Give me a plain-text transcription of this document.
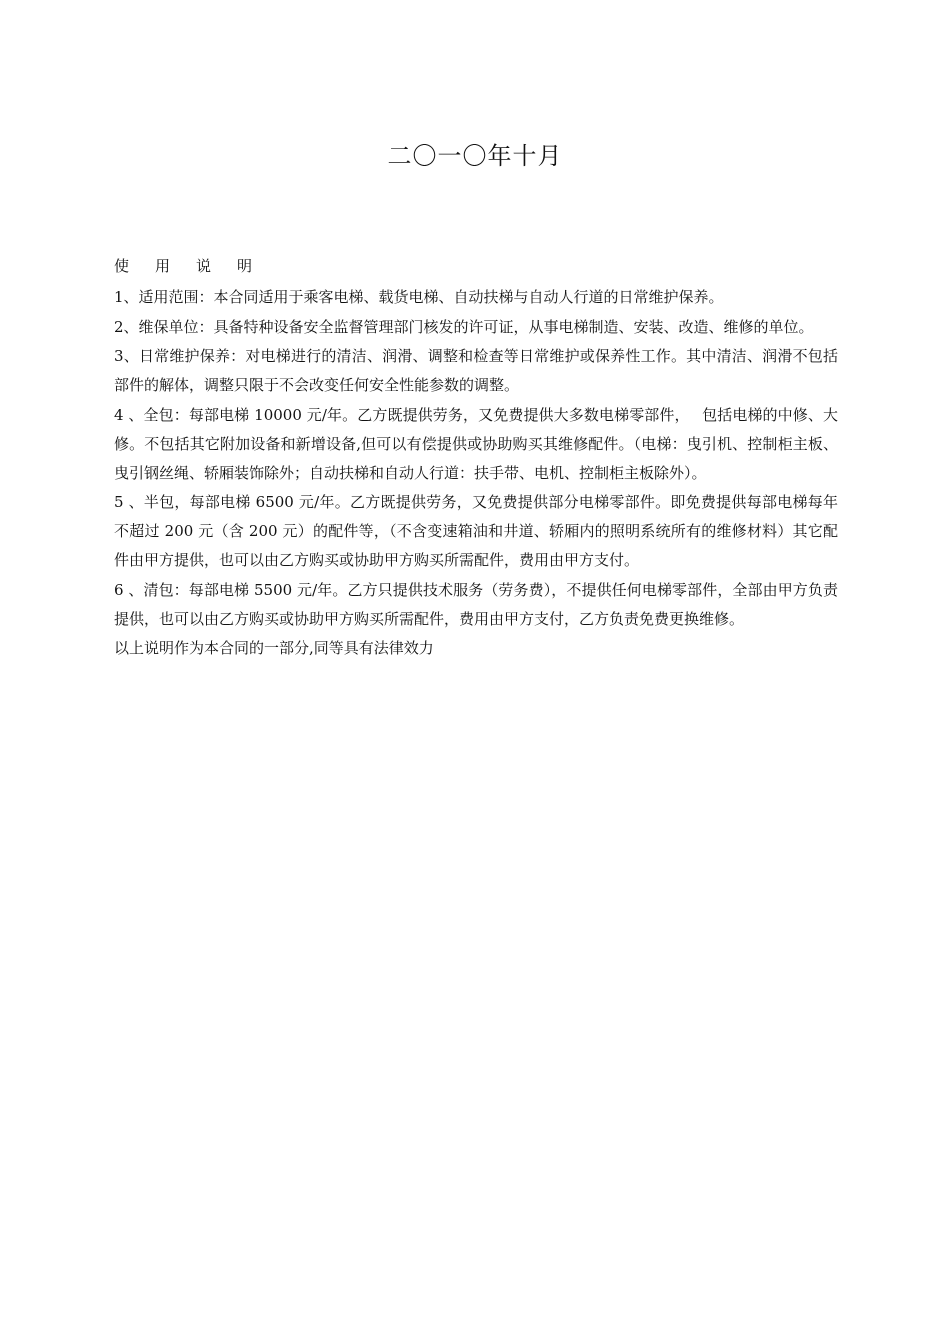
二〇一〇年十月
使 用 说 明

1、适用范围：本合同适用于乘客电梯、载货电梯、自动扶梯与自动人行道的日常维护保养。

2、维保单位：具备特种设备安全监督管理部门核发的许可证，从事电梯制造、安装、改造、维修的单位。

3、日常维护保养：对电梯进行的清洁、润滑、调整和检查等日常维护或保养性工作。其中清洁、润滑不包括部件的解体，调整只限于不会改变任何安全性能参数的调整。

4 、全包：每部电梯 10000 元/年。乙方既提供劳务，又免费提供大多数电梯零部件，　 包括电梯的中修、大修。不包括其它附加设备和新增设备,但可以有偿提供或协助购买其维修配件。（电梯：曳引机、控制柜主板、曳引钢丝绳、轿厢装饰除外；自动扶梯和自动人行道：扶手带、电机、控制柜主板除外）。

5 、半包，每部电梯 6500 元/年。乙方既提供劳务，又免费提供部分电梯零部件。即免费提供每部电梯每年不超过 200 元（含 200 元）的配件等，（不含变速箱油和井道、轿厢内的照明系统所有的维修材料）其它配件由甲方提供，也可以由乙方购买或协助甲方购买所需配件，费用由甲方支付。

6 、清包：每部电梯 5500 元/年。乙方只提供技术服务（劳务费），不提供任何电梯零部件，全部由甲方负责提供，也可以由乙方购买或协助甲方购买所需配件，费用由甲方支付，乙方负责免费更换维修。

以上说明作为本合同的一部分,同等具有法律效力
